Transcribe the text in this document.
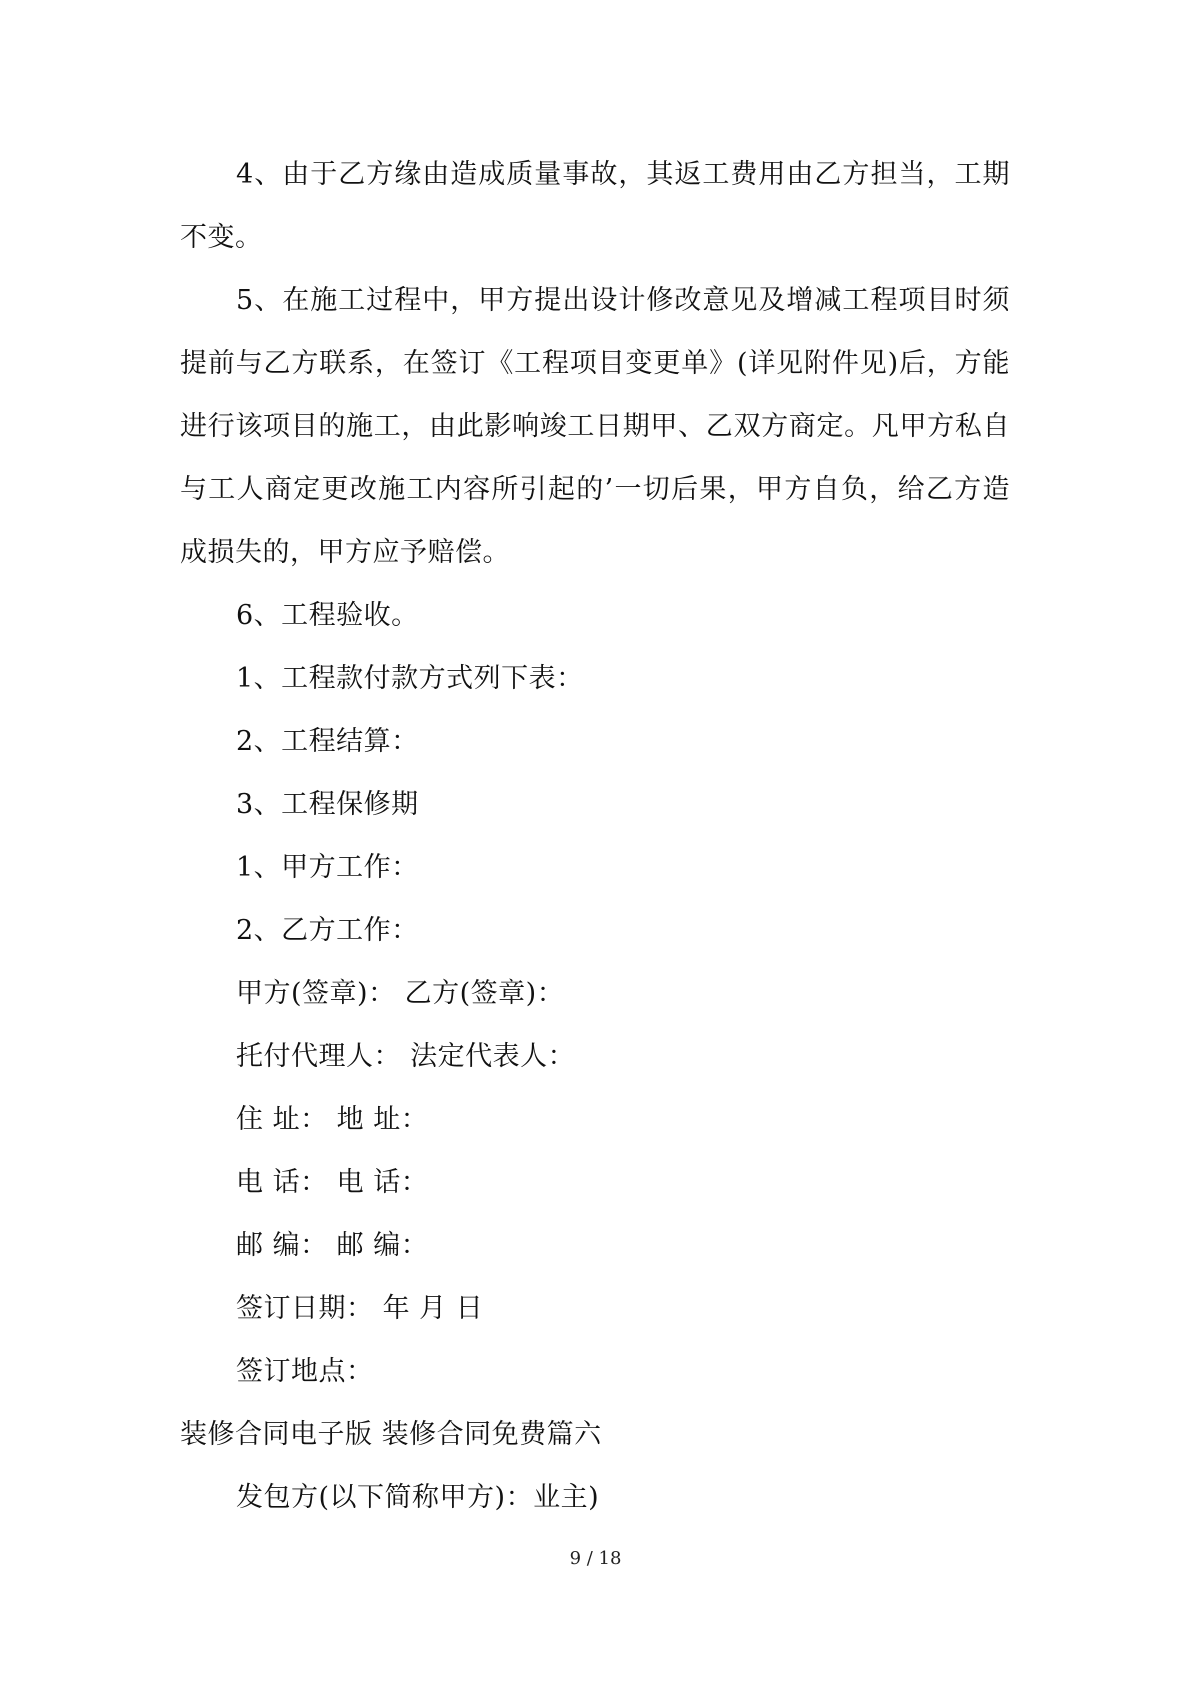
4、由于乙方缘由造成质量事故，其返工费用由乙方担当，工期不变。

5、在施工过程中，甲方提出设计修改意见及增减工程项目时须提前与乙方联系，在签订《工程项目变更单》(详见附件见)后，方能进行该项目的施工，由此影响竣工日期甲、乙双方商定。凡甲方私自与工人商定更改施工内容所引起的’一切后果，甲方自负，给乙方造成损失的，甲方应予赔偿。

6、工程验收。

1、工程款付款方式列下表：

2、工程结算：

3、工程保修期

1、甲方工作：

2、乙方工作：

甲方(签章)： 乙方(签章)：

托付代理人： 法定代表人：

住 址： 地 址：

电 话： 电 话：

邮 编： 邮 编：

签订日期： 年 月 日

签订地点：

装修合同电子版 装修合同免费篇六

发包方(以下简称甲方)：业主)

9 / 18
